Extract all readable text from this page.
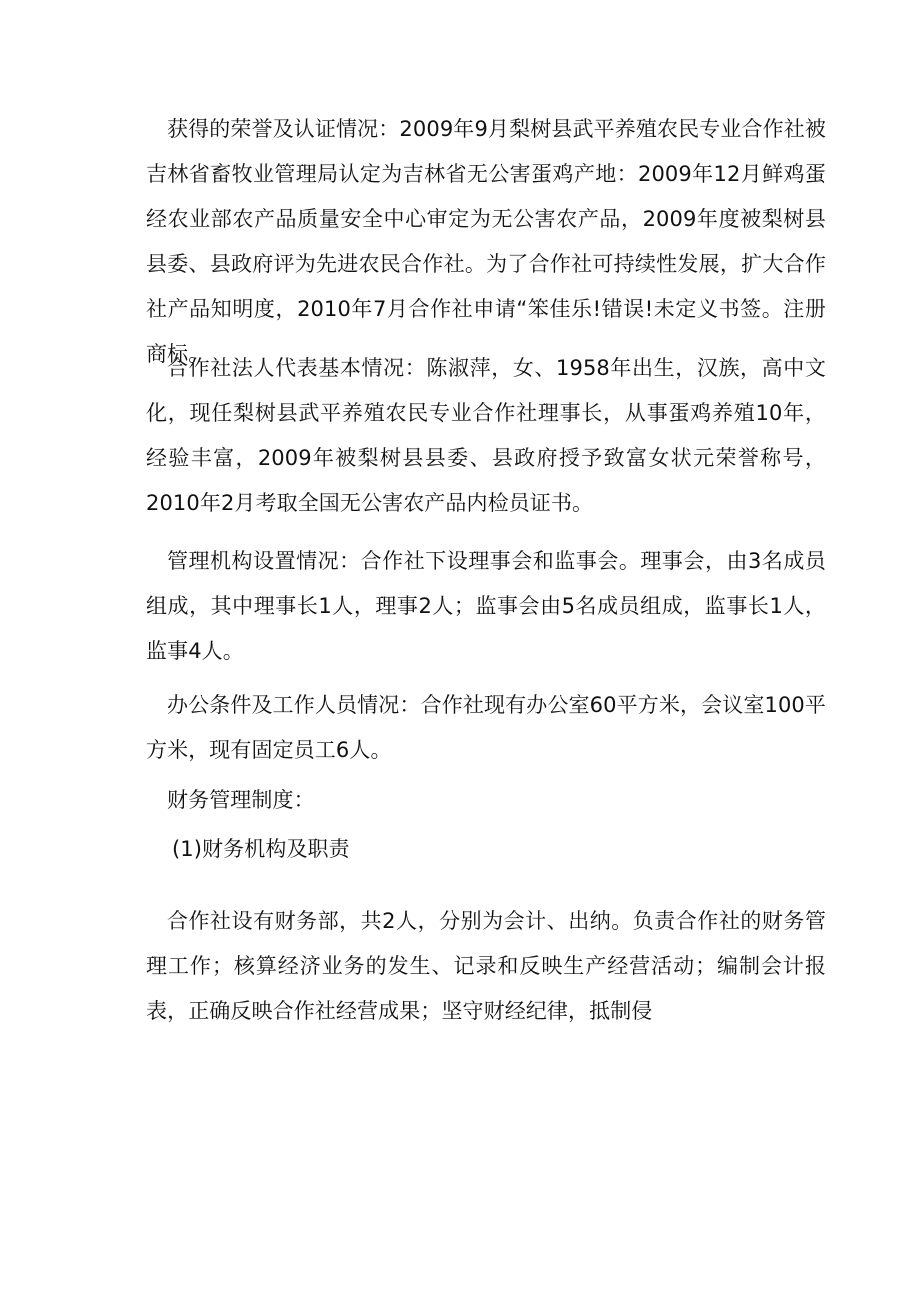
获得的荣誉及认证情况：2009年9月梨树县武平养殖农民专业合作社被吉林省畜牧业管理局认定为吉林省无公害蛋鸡产地：2009年12月鲜鸡蛋经农业部农产品质量安全中心审定为无公害农产品，2009年度被梨树县县委、县政府评为先进农民合作社。为了合作社可持续性发展，扩大合作社产品知明度，2010年7月合作社申请“笨佳乐!错误!未定义书签。注册商标。

合作社法人代表基本情况：陈淑萍，女、1958年出生，汉族，高中文化，现任梨树县武平养殖农民专业合作社理事长，从事蛋鸡养殖10年，经验丰富，2009年被梨树县县委、县政府授予致富女状元荣誉称号，2010年2月考取全国无公害农产品内检员证书。

管理机构设置情况：合作社下设理事会和监事会。理事会，由3名成员组成，其中理事长1人，理事2人；监事会由5名成员组成，监事长1人，监事4人。

办公条件及工作人员情况：合作社现有办公室60平方米，会议室100平方米，现有固定员工6人。

财务管理制度：

(1)财务机构及职责

合作社设有财务部，共2人，分别为会计、出纳。负责合作社的财务管理工作；核算经济业务的发生、记录和反映生产经营活动；编制会计报表，正确反映合作社经营成果；坚守财经纪律，抵制侵
